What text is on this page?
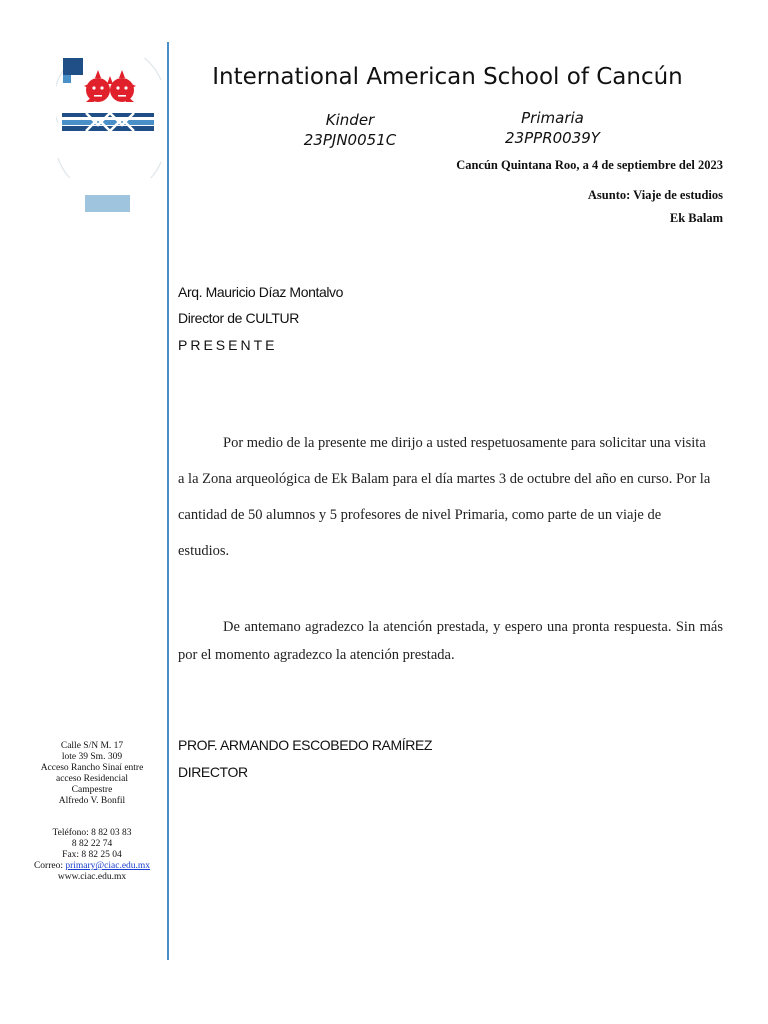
International American School of Cancún
Kinder
23PJN0051C
Primaria
23PPR0039Y
Cancún Quintana Roo, a 4 de septiembre del 2023
Asunto: Viaje de estudios
Ek Balam
Arq. Mauricio Díaz Montalvo
Director de CULTUR
PRESENTE
Por medio de la presente me dirijo a usted respetuosamente para solicitar una visita a la Zona arqueológica de Ek Balam para el día martes 3 de octubre del año en curso. Por la cantidad de 50 alumnos y 5 profesores de nivel Primaria, como parte de un viaje de estudios.
De antemano agradezco la atención prestada, y espero una pronta respuesta. Sin más por el momento agradezco la atención prestada.
PROF. ARMANDO ESCOBEDO RAMÍREZ
DIRECTOR
Calle S/N M. 17
lote 39 Sm. 309
Acceso Rancho Sinaí entre
acceso Residencial
Campestre
Alfredo V. Bonfil
Teléfono: 8 82 03 83
8 82 22 74
Fax: 8 82 25 04
Correo: primary@ciac.edu.mx
www.ciac.edu.mx
